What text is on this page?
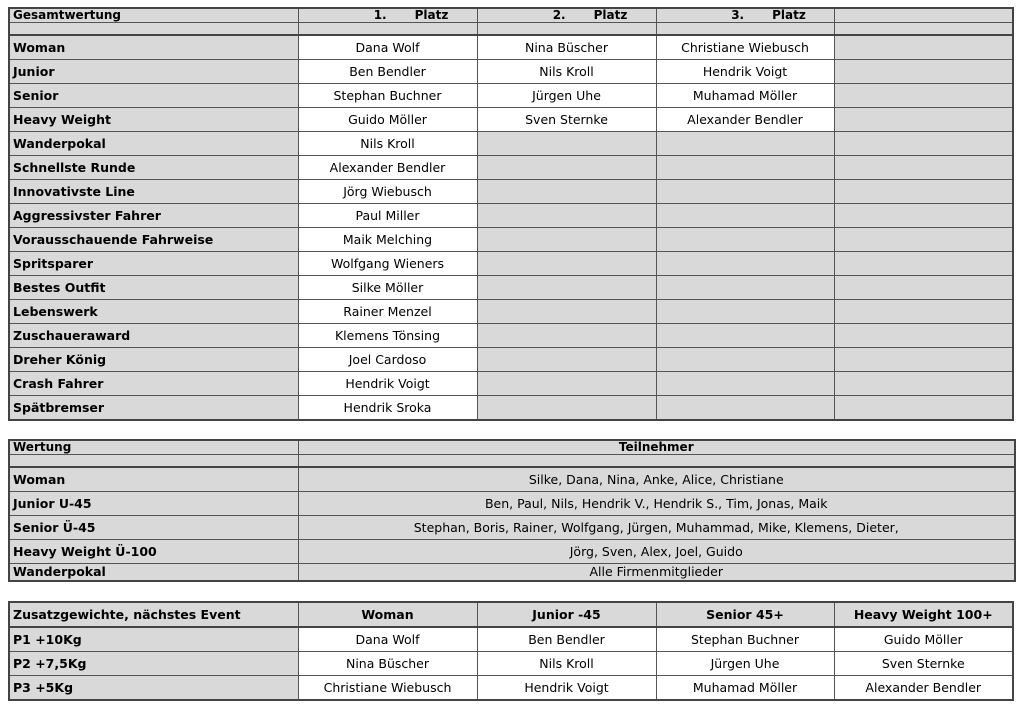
Gesamtwertung	1. Platz	2. Platz	3. Platz	

Woman	Dana Wolf	Nina Büscher	Christiane Wiebusch	
Junior	Ben Bendler	Nils Kroll	Hendrik Voigt	
Senior	Stephan Buchner	Jürgen Uhe	Muhamad Möller	
Heavy Weight	Guido Möller	Sven Sternke	Alexander Bendler	
Wanderpokal	Nils Kroll			
Schnellste Runde	Alexander Bendler			
Innovativste Line	Jörg Wiebusch			
Aggressivster Fahrer	Paul Miller			
Vorausschauende Fahrweise	Maik Melching			
Spritsparer	Wolfgang Wieners			
Bestes Outfit	Silke Möller			
Lebenswerk	Rainer Menzel			
Zuschaueraward	Klemens Tönsing			
Dreher König	Joel Cardoso			
Crash Fahrer	Hendrik Voigt			
Spätbremser	Hendrik Sroka			
Wertung	Teilnehmer

Woman	Silke, Dana, Nina, Anke, Alice, Christiane
Junior U-45	Ben, Paul, Nils, Hendrik V., Hendrik S., Tim, Jonas, Maik
Senior Ü-45	Stephan, Boris, Rainer, Wolfgang, Jürgen, Muhammad, Mike, Klemens, Dieter,
Heavy Weight Ü-100	Jörg, Sven, Alex, Joel, Guido
Wanderpokal	Alle Firmenmitglieder
Zusatzgewichte, nächstes Event	Woman	Junior -45	Senior 45+	Heavy Weight 100+
P1 +10Kg	Dana Wolf	Ben Bendler	Stephan Buchner	Guido Möller
P2 +7,5Kg	Nina Büscher	Nils Kroll	Jürgen Uhe	Sven Sternke
P3 +5Kg	Christiane Wiebusch	Hendrik Voigt	Muhamad Möller	Alexander Bendler
